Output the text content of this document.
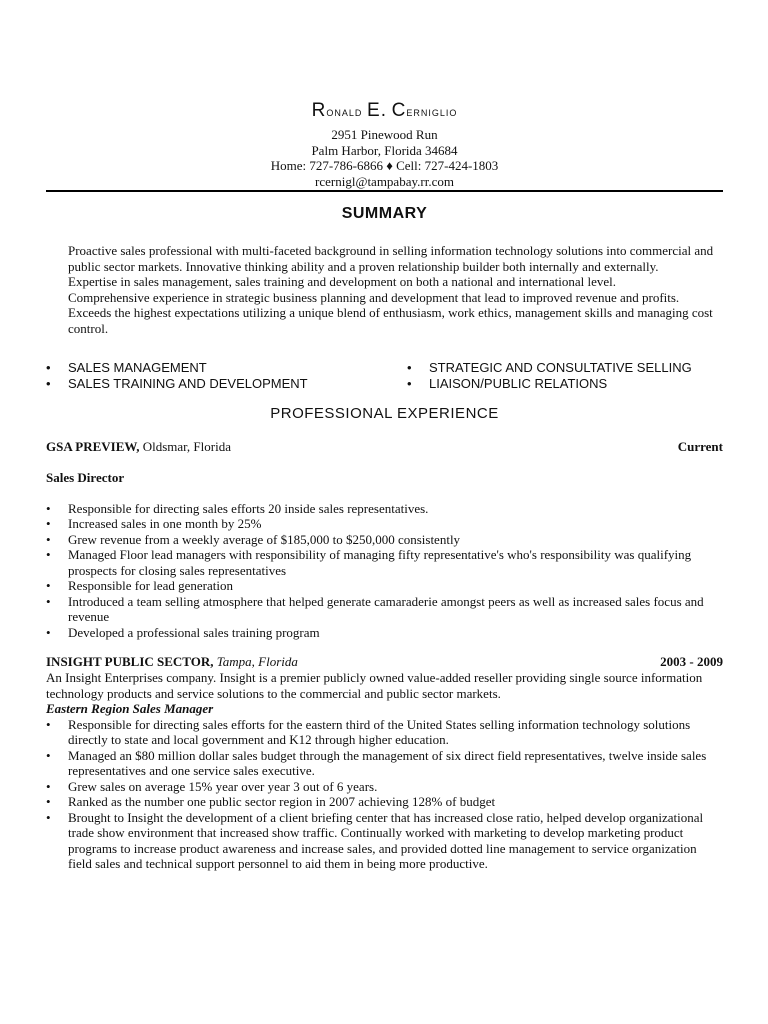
Ronald E. Cerniglio
2951 Pinewood Run
Palm Harbor, Florida 34684
Home: 727-786-6866 ♦ Cell: 727-424-1803
rcernigl@tampabay.rr.com
SUMMARY

Proactive sales professional with multi-faceted background in selling information technology solutions into commercial and public sector markets. Innovative thinking ability and a proven relationship builder both internally and externally.

Expertise in sales management, sales training and development on both a national and international level.

Comprehensive experience in strategic business planning and development that lead to improved revenue and profits.

Exceeds the highest expectations utilizing a unique blend of enthusiasm, work ethics, management skills and managing cost control.

• SALES MANAGEMENT
• SALES TRAINING AND DEVELOPMENT
• STRATEGIC AND CONSULTATIVE SELLING
• LIAISON/PUBLIC RELATIONS
PROFESSIONAL EXPERIENCE
GSA PREVIEW, Oldsmar, Florida	Current
Sales Director
• Responsible for directing sales efforts 20 inside sales representatives.
• Increased sales in one month by 25%
• Grew revenue from a weekly average of $185,000 to $250,000 consistently
• Managed Floor lead managers with responsibility of managing fifty representative's who's responsibility was qualifying prospects for closing sales representatives
• Responsible for lead generation
• Introduced a team selling atmosphere that helped generate camaraderie amongst peers as well as increased sales focus and revenue
• Developed a professional sales training program
INSIGHT PUBLIC SECTOR, Tampa, Florida	2003 - 2009
An Insight Enterprises company. Insight is a premier publicly owned value-added reseller providing single source information technology products and service solutions to the commercial and public sector markets.
Eastern Region Sales Manager
• Responsible for directing sales efforts for the eastern third of the United States selling information technology solutions directly to state and local government and K12 through higher education.
• Managed an $80 million dollar sales budget through the management of six direct field representatives, twelve inside sales representatives and one service sales executive.
• Grew sales on average 15% year over year 3 out of 6 years.
• Ranked as the number one public sector region in 2007 achieving 128% of budget
• Brought to Insight the development of a client briefing center that has increased close ratio, helped develop organizational trade show environment that increased show traffic. Continually worked with marketing to develop marketing product programs to increase product awareness and increase sales, and provided dotted line management to service organization field sales and technical support personnel to aid them in being more productive.
